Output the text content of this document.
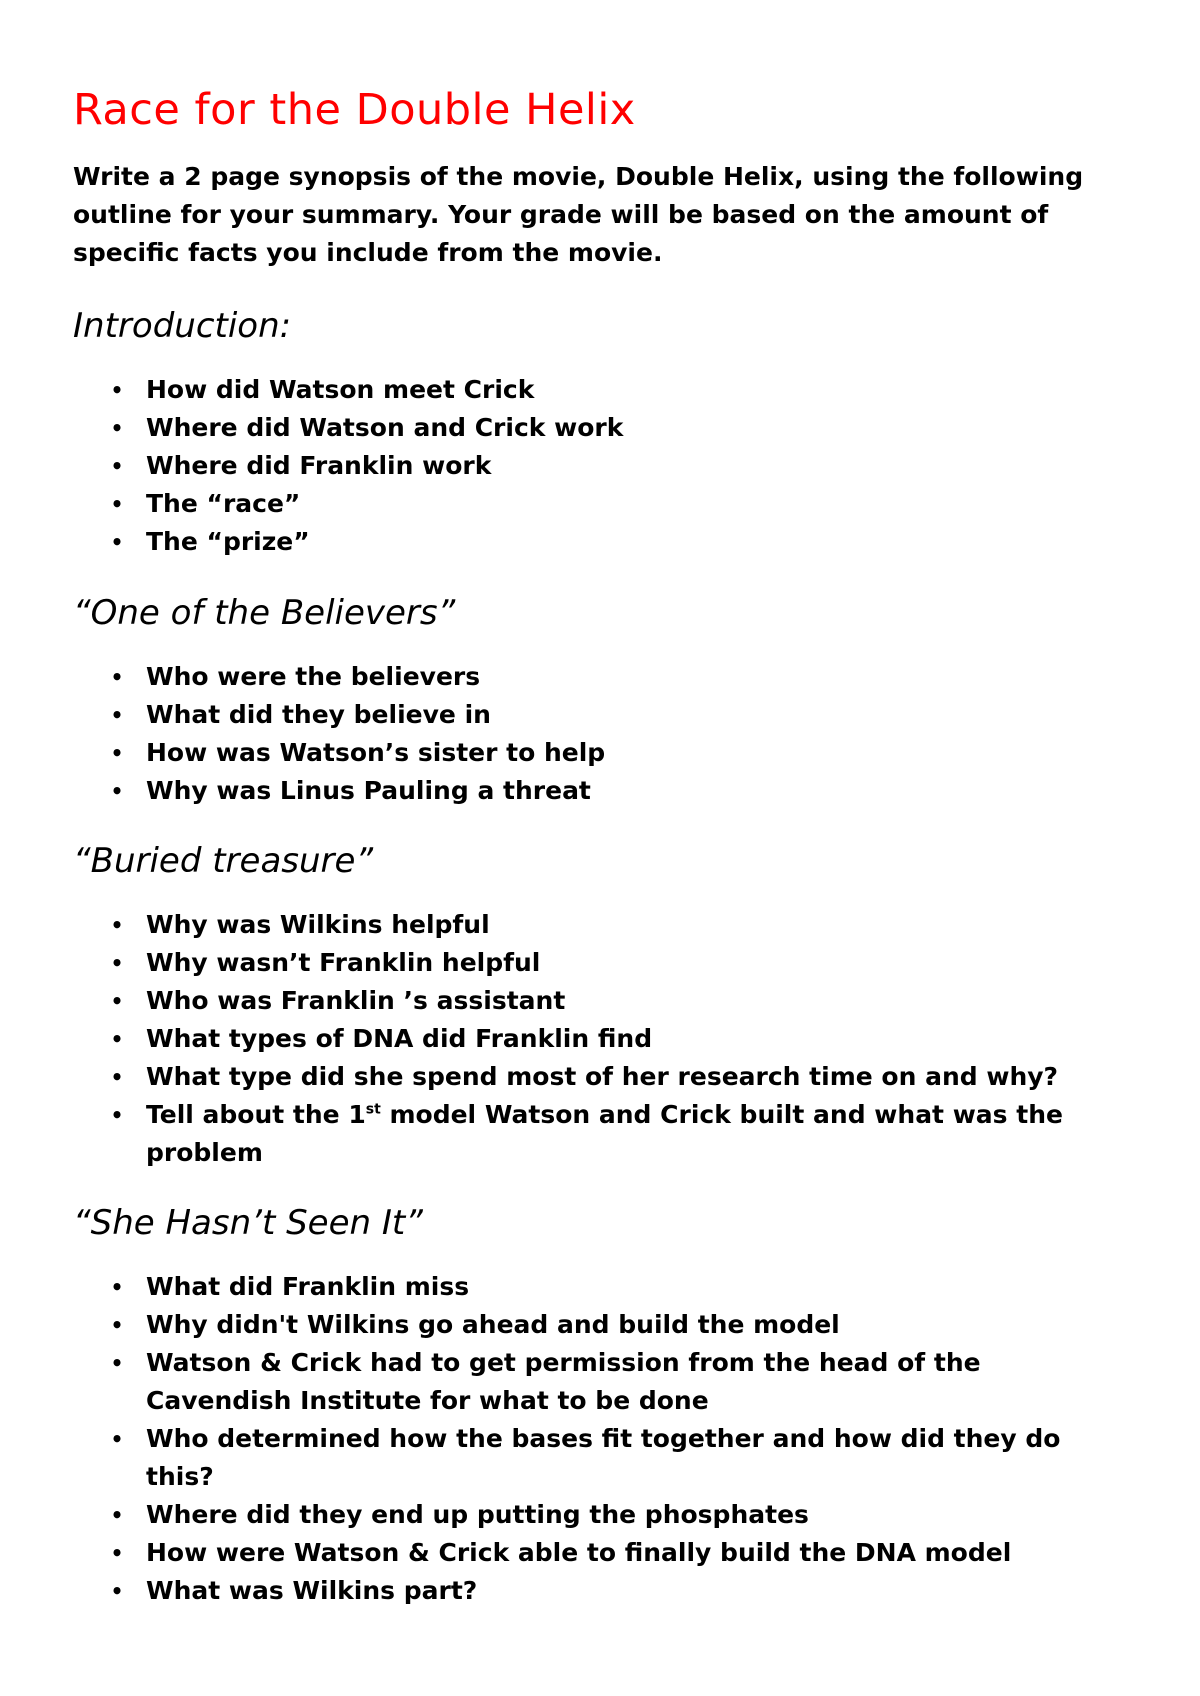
Race for the Double Helix

Write a 2 page synopsis of the movie, Double Helix, using the following outline for your summary. Your grade will be based on the amount of specific facts you include from the movie.

Introduction:
• How did Watson meet Crick
• Where did Watson and Crick work
• Where did Franklin work
• The “race”
• The “prize”
“One of the Believers”
• Who were the believers
• What did they believe in
• How was Watson’s sister to help
• Why was Linus Pauling a threat
“Buried treasure”
• Why was Wilkins helpful
• Why wasn’t Franklin helpful
• Who was Franklin ’s assistant
• What types of DNA did Franklin find
• What type did she spend most of her research time on and why?
• Tell about the 1st model Watson and Crick built and what was the problem
“She Hasn’t Seen It”
• What did Franklin miss
• Why didn't Wilkins go ahead and build the model
• Watson & Crick had to get permission from the head of the Cavendish Institute for what to be done
• Who determined how the bases fit together and how did they do this?
• Where did they end up putting the phosphates
• How were Watson & Crick able to finally build the DNA model
• What was Wilkins part?
